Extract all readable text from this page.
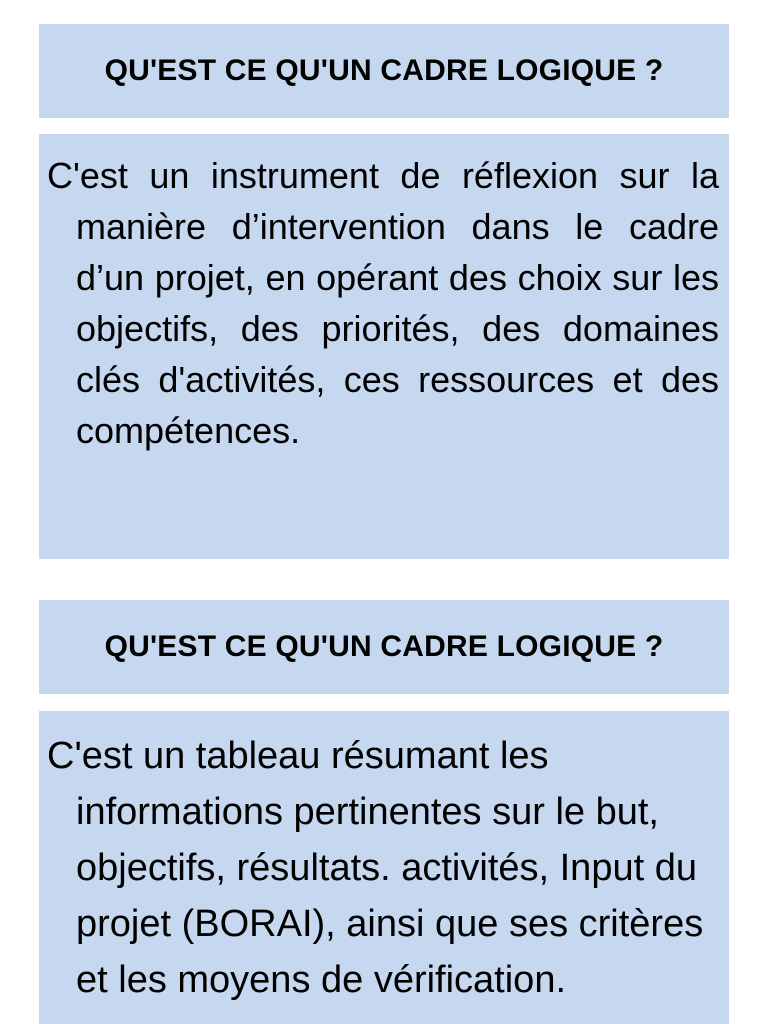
QU'EST CE QU'UN CADRE LOGIQUE ?

C'est un instrument de réflexion sur la manière d’intervention dans le cadre d’un projet, en opérant des choix sur les objectifs, des priorités, des domaines clés d'activités, ces ressources et des compétences.

QU'EST CE QU'UN CADRE LOGIQUE ?

C'est un tableau résumant les informations pertinentes sur le but, objectifs, résultats. activités, Input du projet (BORAI), ainsi que ses critères et les moyens de vérification.
